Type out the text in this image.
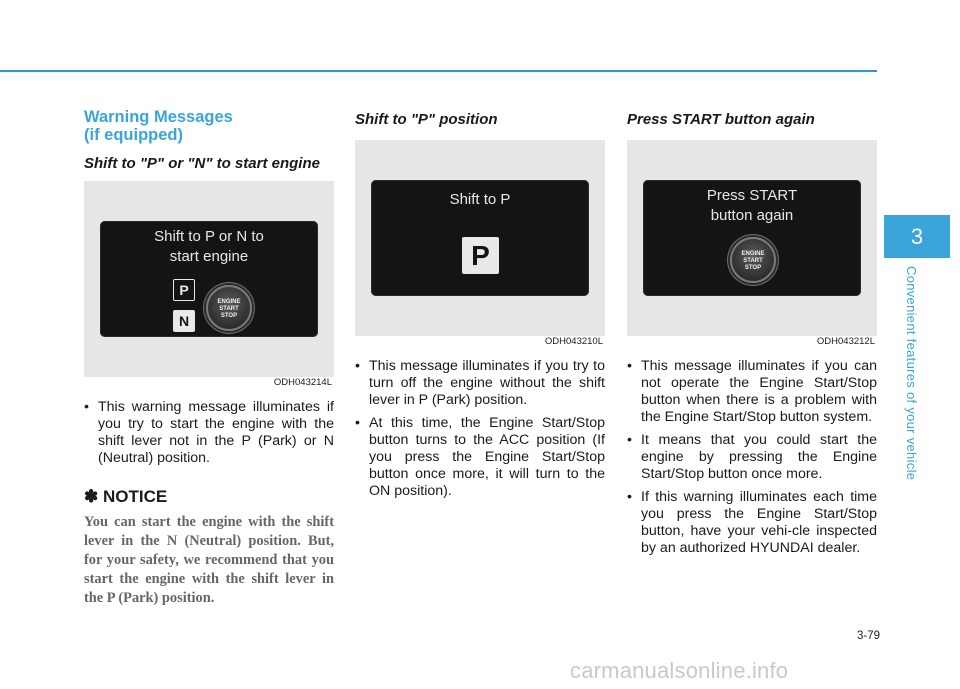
Warning Messages
(if equipped)
Shift to "P" or "N" to start engine
Shift to P or N to
start engine
P
N
ENGINE
START
STOP
ODH043214L
• This warning message illuminates if you try to start the engine with the shift lever not in the P (Park) or N (Neutral) position.
✽ NOTICE
You can start the engine with the shift lever in the N (Neutral) position. But, for your safety, we recommend that you start the engine with the shift lever in the P (Park) position.
Shift to "P" position
Shift to P
P
ODH043210L
• This message illuminates if you try to turn off the engine without the shift lever in P (Park) position.
• At this time, the Engine Start/Stop button turns to the ACC position (If you press the Engine Start/Stop button once more, it will turn to the ON position).
Press START button again
Press START
button again
ENGINE
START
STOP
ODH043212L
• This message illuminates if you can not operate the Engine Start/Stop button when there is a problem with the Engine Start/Stop button system.
• It means that you could start the engine by pressing the Engine Start/Stop button once more.
• If this warning illuminates each time you press the Engine Start/Stop button, have your vehi-cle inspected by an authorized HYUNDAI dealer.
3
Convenient features of your vehicle
3-79
carmanualsonline.info
